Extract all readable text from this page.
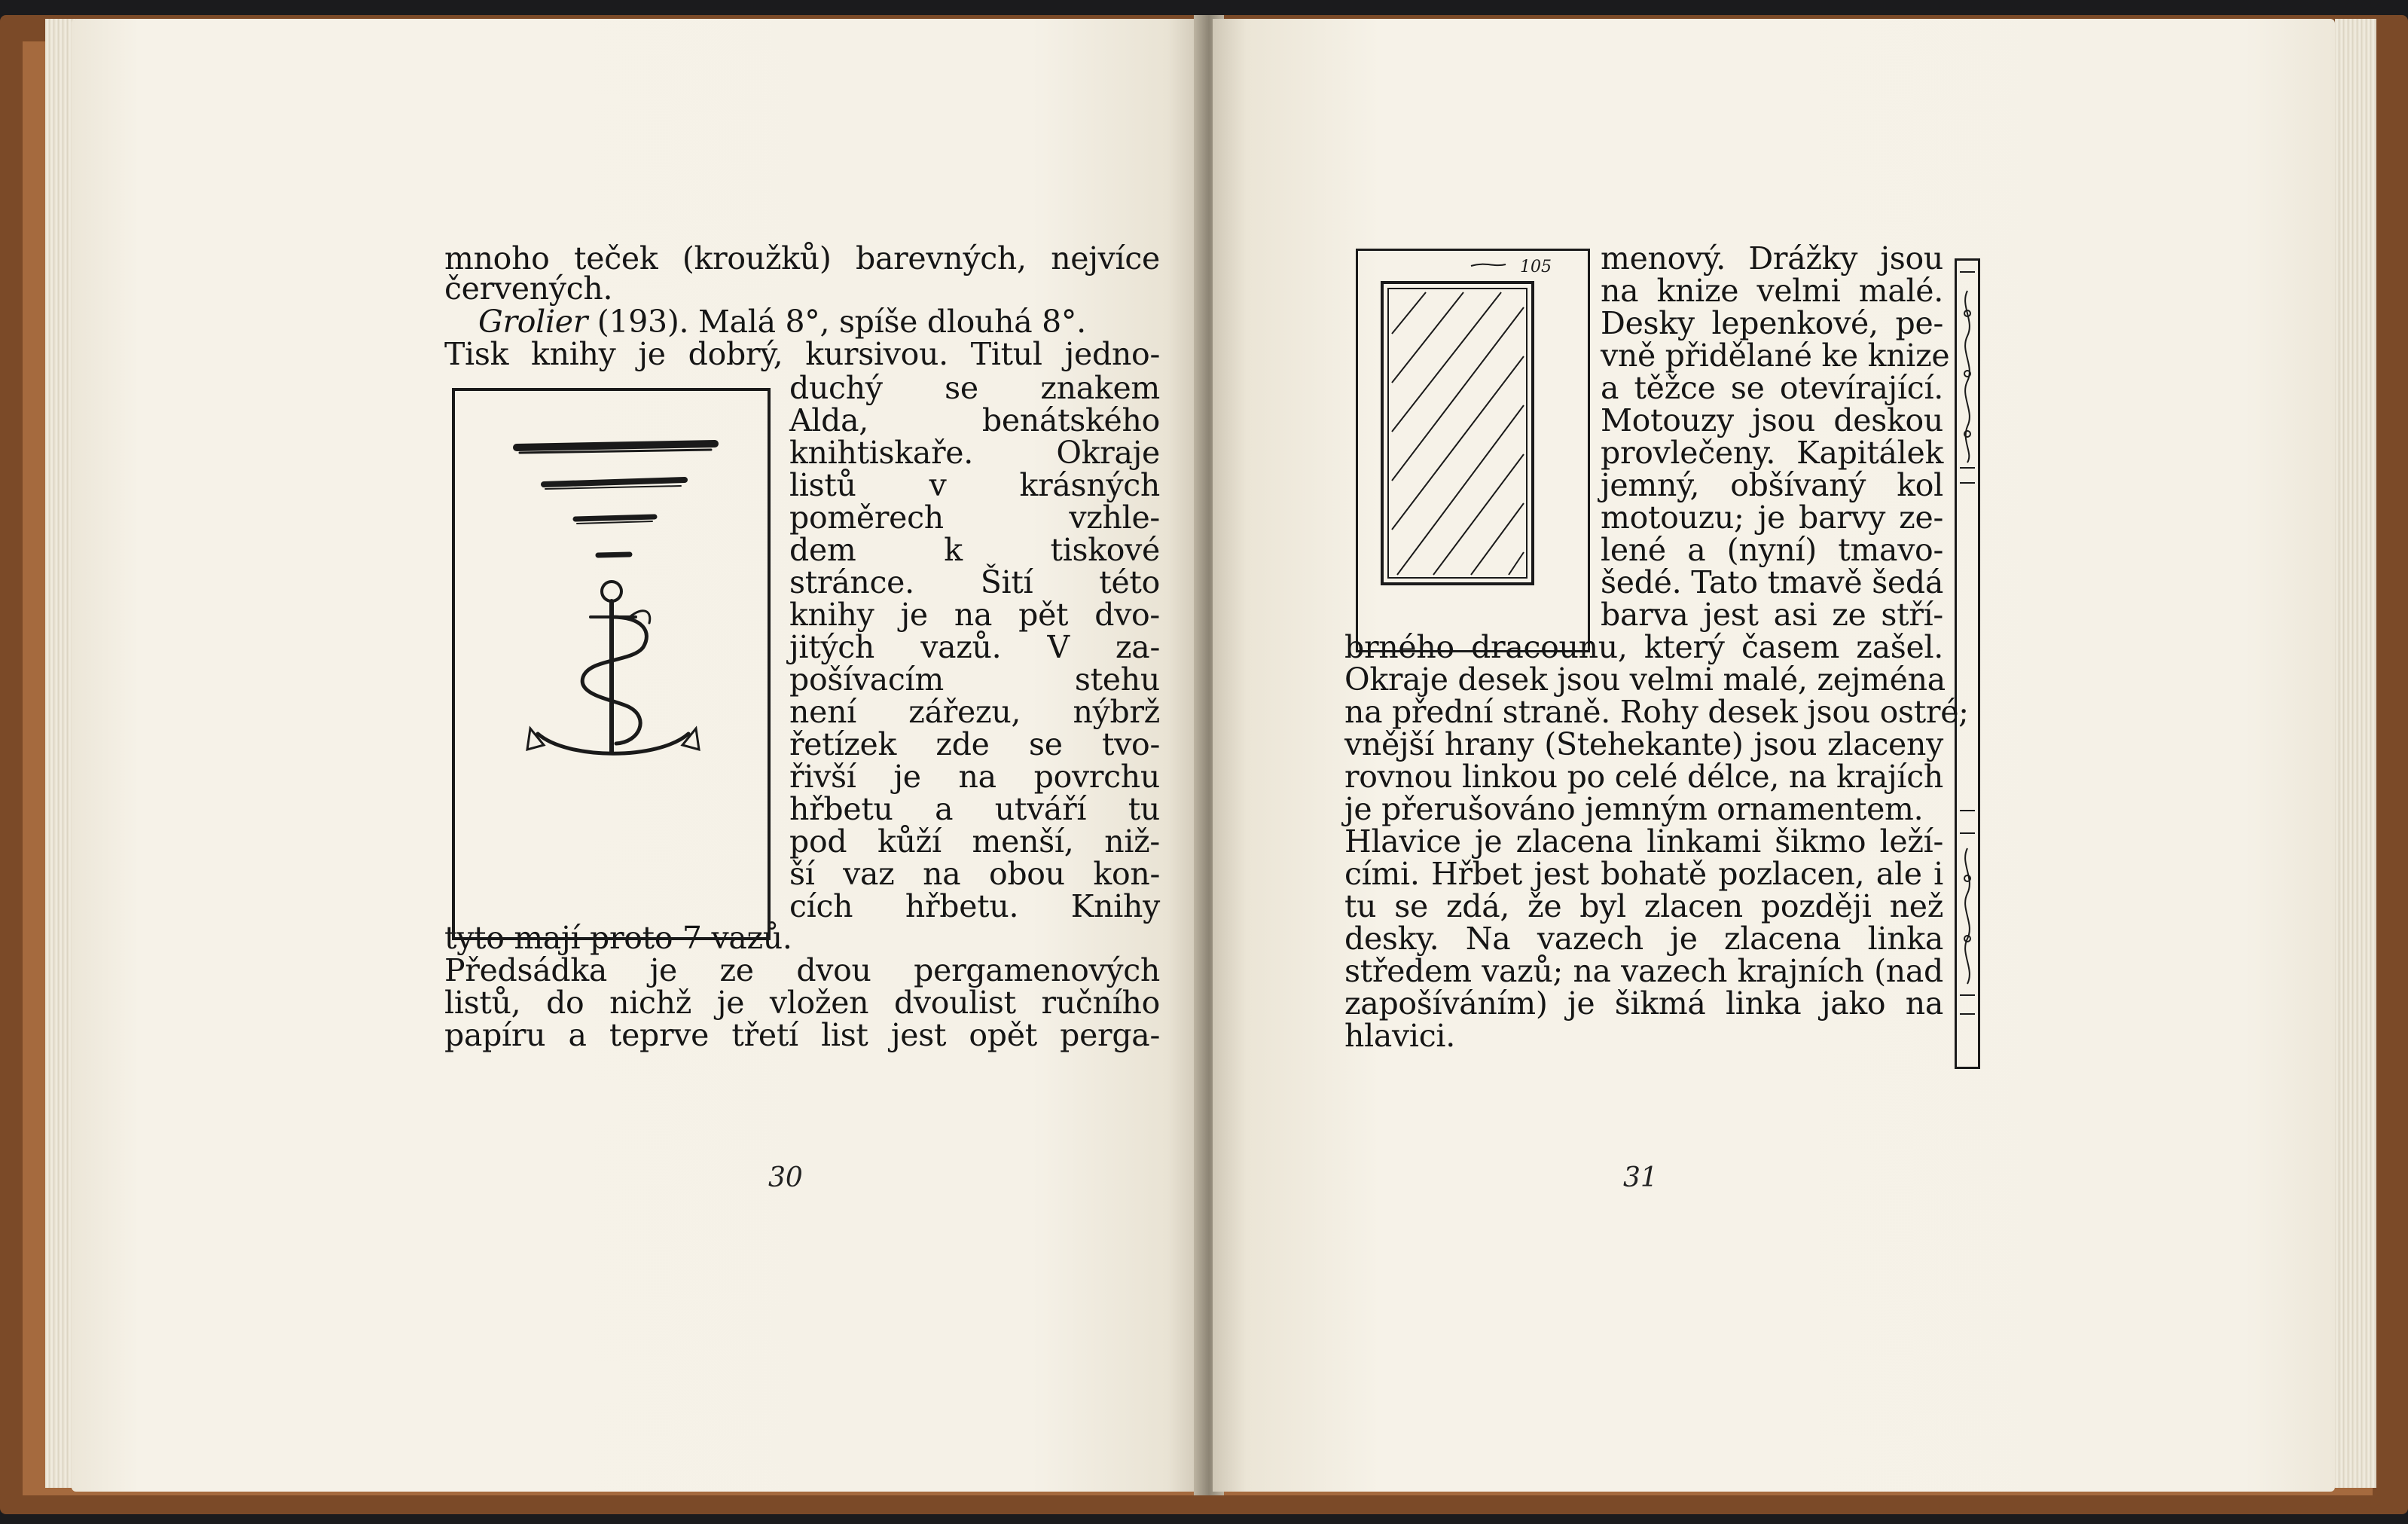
mnoho teček (kroužků) barevných, nejvíce
červených.
Grolier (193). Malá 8°, spíše dlouhá 8°.
Tisk knihy je dobrý, kursivou. Titul jedno-
duchý se znakem
Alda, benátského
knihtiskaře. Okraje
listů v krásných
poměrech vzhle-
dem k tiskové
stránce. Šití této
knihy je na pět dvo-
jitých vazů. V za-
pošívacím stehu
není zářezu, nýbrž
řetízek zde se tvo-
řivší je na povrchu
hřbetu a utváří tu
pod kůží menší, niž-
ší vaz na obou kon-
cích hřbetu. Knihy
tyto mají proto 7 vazů.
Předsádka je ze dvou pergamenových
listů, do nichž je vložen dvoulist ručního
papíru a teprve třetí list jest opět perga-
30
105 menový. Drážky jsou
na knize velmi malé.
Desky lepenkové, pe-
vně přidělané ke knize
a těžce se otevírající.
Motouzy jsou deskou
provlečeny. Kapitálek
jemný, obšívaný kol
motouzu; je barvy ze-
lené a (nyní) tmavo-
šedé. Tato tmavě šedá
barva jest asi ze stří-
brného dracounu, který časem zašel.
Okraje desek jsou velmi malé, zejména
na přední straně. Rohy desek jsou ostré;
vnější hrany (Stehekante) jsou zlaceny
rovnou linkou po celé délce, na krajích
je přerušováno jemným ornamentem.
Hlavice je zlacena linkami šikmo leží-
cími. Hřbet jest bohatě pozlacen, ale i
tu se zdá, že byl zlacen později než
desky. Na vazech je zlacena linka
středem vazů; na vazech krajních (nad
zapošíváním) je šikmá linka jako na
hlavici.
31
